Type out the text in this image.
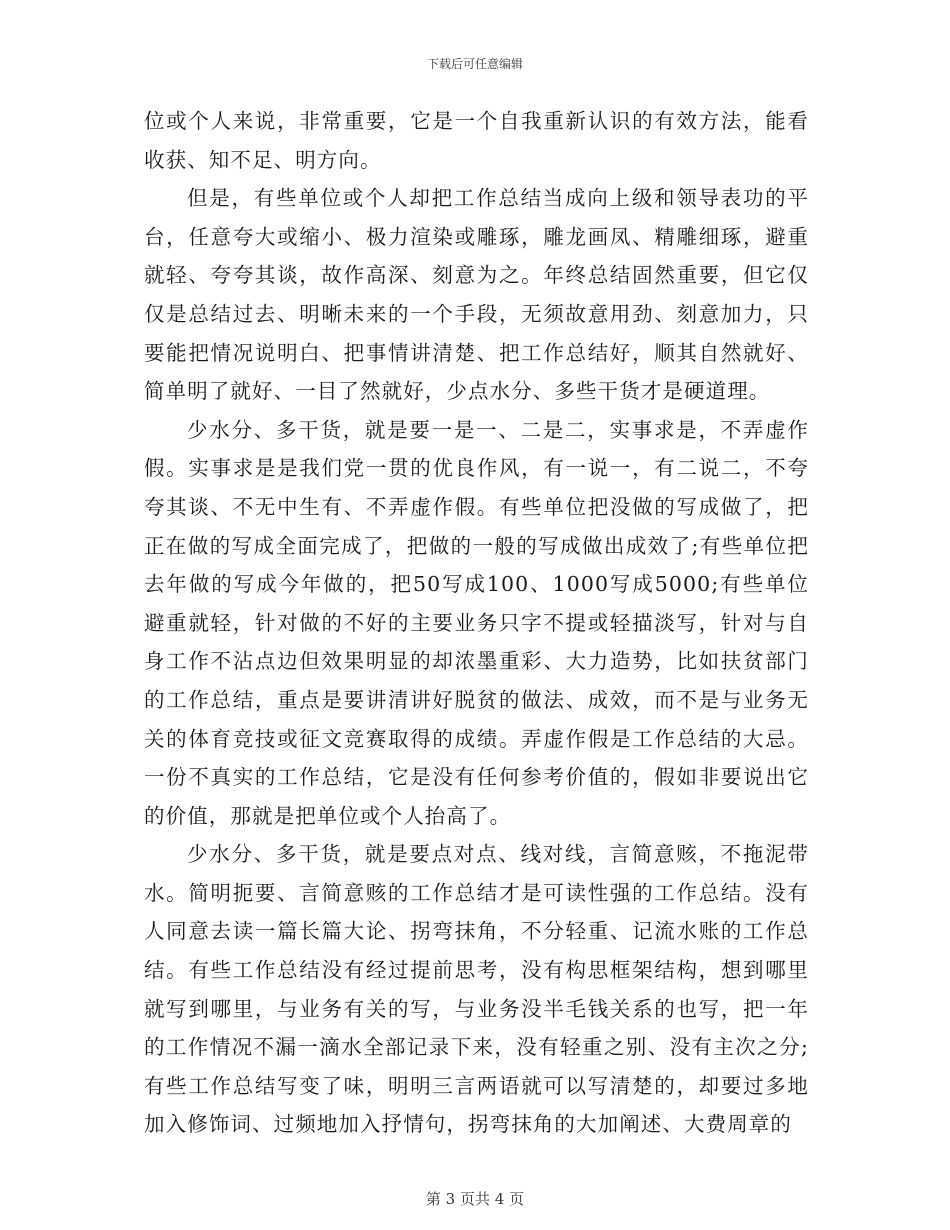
下载后可任意编辑

位或个人来说，非常重要，它是一个自我重新认识的有效方法，能看收获、知不足、明方向。

但是，有些单位或个人却把工作总结当成向上级和领导表功的平台，任意夸大或缩小、极力渲染或雕琢，雕龙画凤、精雕细琢，避重就轻、夸夸其谈，故作高深、刻意为之。年终总结固然重要，但它仅仅是总结过去、明晰未来的一个手段，无须故意用劲、刻意加力，只要能把情况说明白、把事情讲清楚、把工作总结好，顺其自然就好、简单明了就好、一目了然就好，少点水分、多些干货才是硬道理。

少水分、多干货，就是要一是一、二是二，实事求是，不弄虚作假。实事求是是我们党一贯的优良作风，有一说一，有二说二，不夸夸其谈、不无中生有、不弄虚作假。有些单位把没做的写成做了，把正在做的写成全面完成了，把做的一般的写成做出成效了;有些单位把去年做的写成今年做的，把50写成100、1000写成5000;有些单位避重就轻，针对做的不好的主要业务只字不提或轻描淡写，针对与自身工作不沾点边但效果明显的却浓墨重彩、大力造势，比如扶贫部门的工作总结，重点是要讲清讲好脱贫的做法、成效，而不是与业务无关的体育竞技或征文竞赛取得的成绩。弄虚作假是工作总结的大忌。一份不真实的工作总结，它是没有任何参考价值的，假如非要说出它的价值，那就是把单位或个人抬高了。

少水分、多干货，就是要点对点、线对线，言简意赅，不拖泥带水。简明扼要、言简意赅的工作总结才是可读性强的工作总结。没有人同意去读一篇长篇大论、拐弯抹角，不分轻重、记流水账的工作总结。有些工作总结没有经过提前思考，没有构思框架结构，想到哪里就写到哪里，与业务有关的写，与业务没半毛钱关系的也写，把一年的工作情况不漏一滴水全部记录下来，没有轻重之别、没有主次之分;有些工作总结写变了味，明明三言两语就可以写清楚的，却要过多地加入修饰词、过频地加入抒情句，拐弯抹角的大加阐述、大费周章的

第 3 页共 4 页
